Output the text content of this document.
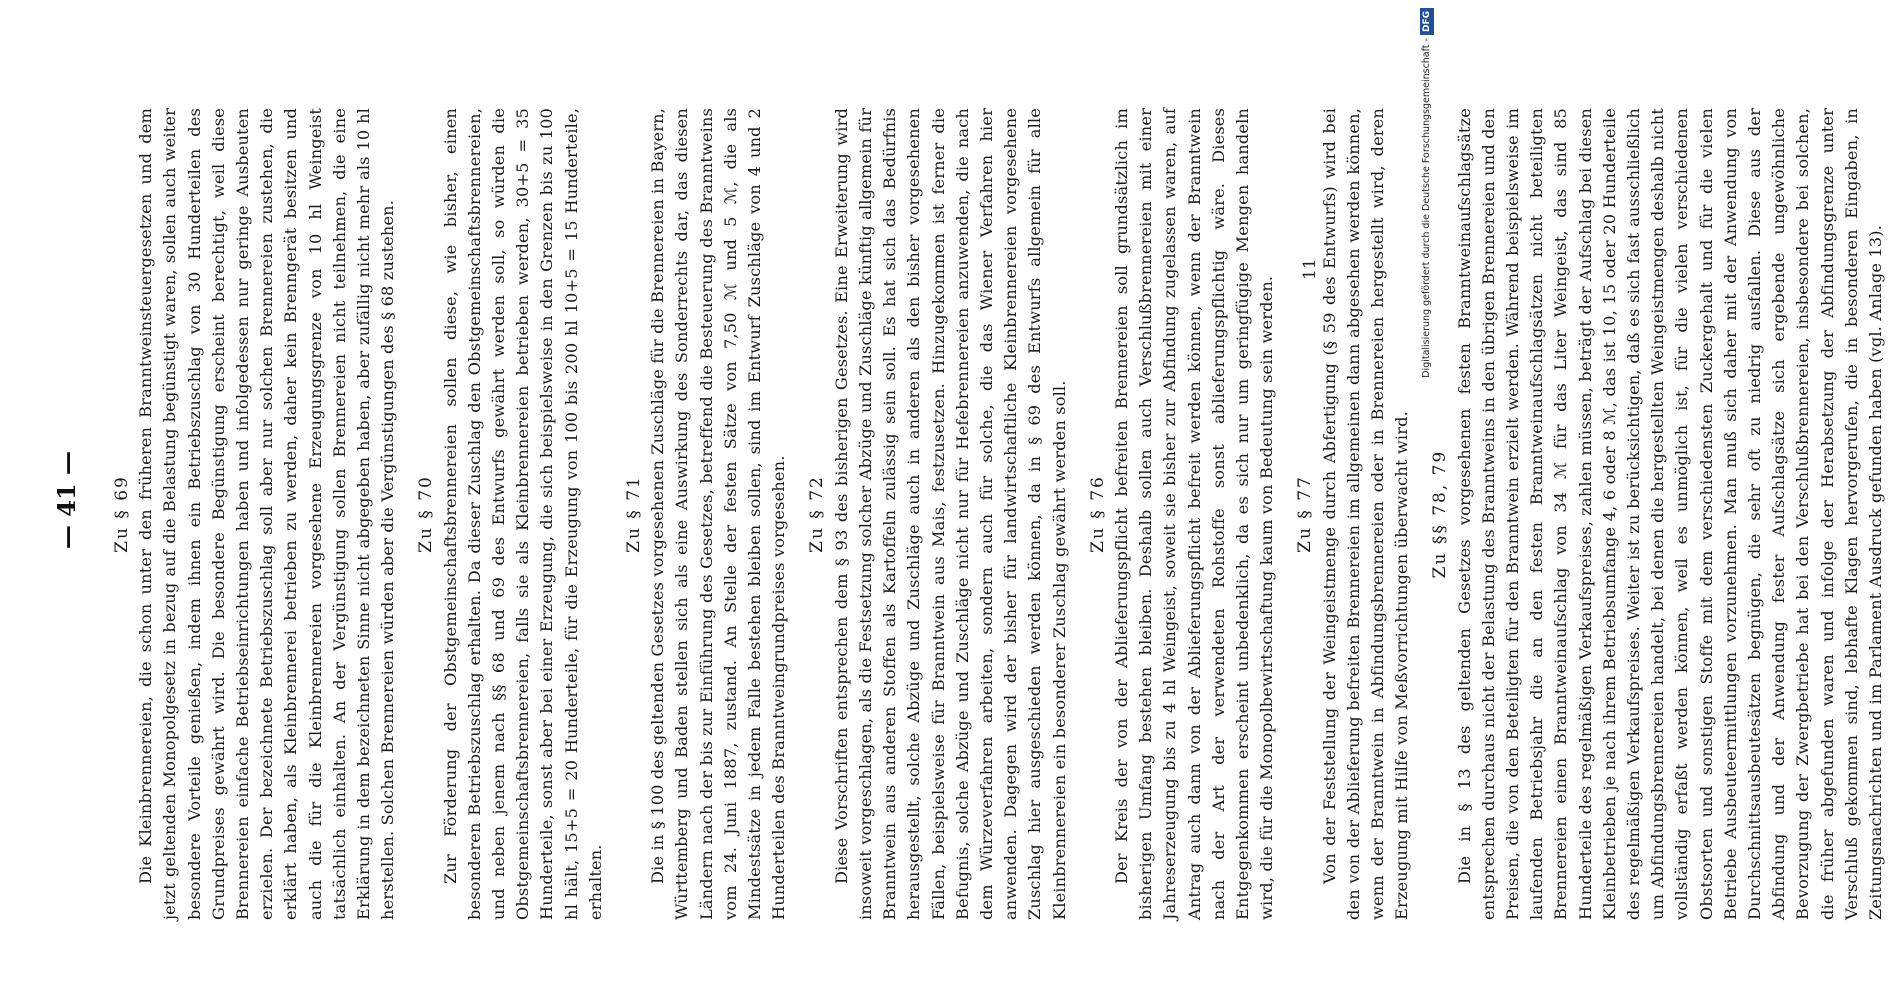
— 41 — Zu § 69 Die Kleinbrennereien, die schon unter den früheren Branntweinsteuergesetzen und dem jetzt geltenden Monopolgesetz in bezug auf die Belastung begünstigt waren, sollen auch weiter besondere Vorteile genießen, indem ihnen ein Betriebszuschlag von 30 Hunderteilen des Grundpreises gewährt wird. Die besondere Begünstigung erscheint berechtigt, weil diese Brennereien einfache Betriebseinrichtungen haben und infolgedessen nur geringe Ausbeuten erzielen. Der bezeichnete Betriebszuschlag soll aber nur solchen Brennereien zustehen, die erklärt haben, als Kleinbrennerei betrieben zu werden, daher kein Brenngerät besitzen und auch die für die Kleinbrennereien vorgesehene Erzeugungsgrenze von 10 hl Weingeist tatsächlich einhalten. An der Vergünstigung sollen Brennereien nicht teilnehmen, die eine Erklärung in dem bezeichneten Sinne nicht abgegeben haben, aber zufällig nicht mehr als 10 hl herstellen. Solchen Brennereien würden aber die Vergünstigungen des § 68 zustehen. Zu § 70 Zur Förderung der Obstgemeinschaftsbrennereien sollen diese, wie bisher, einen besonderen Betriebszuschlag erhalten. Da dieser Zuschlag den Obstgemeinschaftsbrennereien, und neben jenem nach §§ 68 und 69 des Entwurfs gewährt werden soll, so würden die Obstgemeinschaftsbrennereien, falls sie als Kleinbrennereien betrieben werden, 30+5 = 35 Hunderteile, sonst aber bei einer Erzeugung, die sich beispielsweise in den Grenzen bis zu 100 hl hält, 15+5 = 20 Hunderteile, für die Erzeugung von 100 bis 200 hl 10+5 = 15 Hunderteile, erhalten.

Zu § 71 Die in § 100 des geltenden Gesetzes vorgesehenen Zuschläge für die Brennereien in Bayern, Württemberg und Baden stellen sich als eine Auswirkung des Sonderrechts dar, das diesen Ländern nach der bis zur Einführung des Gesetzes, betreffend die Besteuerung des Branntweins vom 24. Juni 1887, zustand. An Stelle der festen Sätze von 7,50 ℳ und 5 ℳ, die als Mindestsätze in jedem Falle bestehen bleiben sollen, sind im Entwurf Zuschläge von 4 und 2 Hunderteilen des Branntweingrundpreises vorgesehen. Zu § 72 Diese Vorschriften entsprechen dem § 93 des bisherigen Gesetzes. Eine Erweiterung wird insoweit vorgeschlagen, als die Festsetzung solcher Abzüge und Zuschläge künftig allgemein für Branntwein aus anderen Stoffen als Kartoffeln zulässig sein soll. Es hat sich das Bedürfnis herausgestellt, solche Abzüge und Zuschläge auch in anderen als den bisher vorgesehenen Fällen, beispielsweise für Branntwein aus Mais, festzusetzen. Hinzugekommen ist ferner die Befugnis, solche Abzüge und Zuschläge nicht nur für Hefebrennereien anzuwenden, die nach dem Würzeverfahren arbeiten, sondern auch für solche, die das Wiener Verfahren hier anwenden. Dagegen wird der bisher für landwirtschaftliche Kleinbrennereien vorgesehene Zuschlag hier ausgeschieden werden können, da in § 69 des Entwurfs allgemein für alle Kleinbrennereien ein besonderer Zuschlag gewährt werden soll. Zu § 76 Der Kreis der von der Ablieferungspflicht befreiten Brennereien soll grundsätzlich im bisherigen Umfang bestehen bleiben. Deshalb sollen auch Verschlußbrennereien mit einer Jahreserzeugung bis zu 4 hl Weingeist, soweit sie bisher zur Abfindung zugelassen waren, auf Antrag auch dann von der Ablieferungspflicht befreit werden können, wenn der Branntwein nach der Art der verwendeten Rohstoffe sonst ablieferungspflichtig wäre. Dieses Entgegenkommen erscheint unbedenklich, da es sich nur um geringfügige Mengen handeln wird, die für die Monopolbewirtschaftung kaum von Bedeutung sein werden. Zu § 77 Von der Feststellung der Weingeistmenge durch Abfertigung (§ 59 des Entwurfs) wird bei den von der Ablieferung befreiten Brennereien im allgemeinen dann abgesehen werden können, wenn der Branntwein in Abfindungsbrennereien oder in Brennereien hergestellt wird, deren Erzeugung mit Hilfe von Meßvorrichtungen überwacht wird. Zu §§ 78, 79 Die in § 13 des geltenden Gesetzes vorgesehenen festen Branntweinaufschlagsätze entsprechen durchaus nicht der Belastung des Branntweins in den übrigen Brennereien und den Preisen, die von den Beteiligten für den Branntwein erzielt werden. Während beispielsweise im laufenden Betriebsjahr die an den festen Branntweinaufschlagsätzen nicht beteiligten Brennereien einen Branntweinaufschlag von 34 ℳ für das Liter Weingeist, das sind 85 Hunderteile des regelmäßigen Verkaufspreises, zahlen müssen, beträgt der Aufschlag bei diesen Kleinbetrieben je nach ihrem Betriebsumfange 4, 6 oder 8 ℳ, das ist 10, 15 oder 20 Hunderteile des regelmäßigen Verkaufspreises. Weiter ist zu berücksichtigen, daß es sich fast ausschließlich um Abfindungsbrennereien handelt, bei denen die hergestellten Weingeistmengen deshalb nicht vollständig erfaßt werden können, weil es unmöglich ist, für die vielen verschiedenen Obstsorten und sonstigen Stoffe mit dem verschiedensten Zuckergehalt und für die vielen Betriebe Ausbeuteermittlungen vorzunehmen. Man muß sich daher mit der Anwendung von Durchschnittsausbeutesätzen begnügen, die sehr oft zu niedrig ausfallen. Diese aus der Abfindung und der Anwendung fester Aufschlagsätze sich ergebende ungewöhnliche Bevorzugung der Zwergbetriebe hat bei den Verschlußbrennereien, insbesondere bei solchen, die früher abgefunden waren und infolge der Herabsetzung der Abfindungsgrenze unter Verschluß gekommen sind, lebhafte Klagen hervorgerufen, die in besonderen Eingaben, in Zeitungsnachrichten und im Parlament Ausdruck gefunden haben (vgl. Anlage 13).

11	Digitalisierung gefördert durch die Deutsche Forschungsgemeinschaft -DFG
